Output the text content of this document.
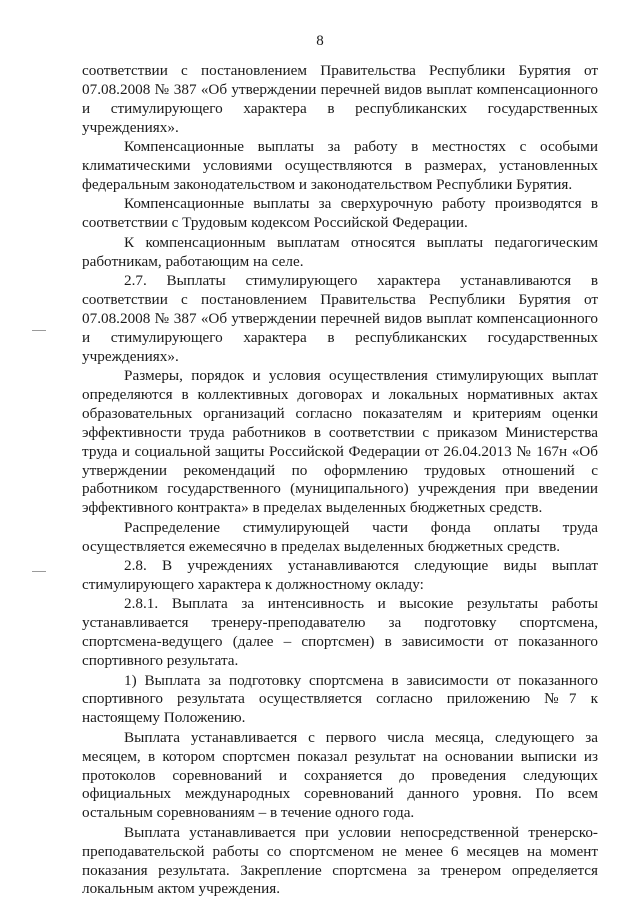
8

соответствии с постановлением Правительства Республики Бурятия от 07.08.2008 № 387 «Об утверждении перечней видов выплат компенсационного и стимулирующего характера в республиканских государственных учреждениях».

Компенсационные выплаты за работу в местностях с особыми климатическими условиями осуществляются в размерах, установленных федеральным законодательством и законодательством Республики Бурятия.

Компенсационные выплаты за сверхурочную работу производятся в соответствии с Трудовым кодексом Российской Федерации.

К компенсационным выплатам относятся выплаты педагогическим работникам, работающим на селе.

2.7. Выплаты стимулирующего характера устанавливаются в соответствии с постановлением Правительства Республики Бурятия от 07.08.2008 № 387 «Об утверждении перечней видов выплат компенсационного и стимулирующего характера в республиканских государственных учреждениях».

Размеры, порядок и условия осуществления стимулирующих выплат определяются в коллективных договорах и локальных нормативных актах образовательных организаций согласно показателям и критериям оценки эффективности труда работников в соответствии с приказом Министерства труда и социальной защиты Российской Федерации от 26.04.2013 № 167н «Об утверждении рекомендаций по оформлению трудовых отношений с работником государственного (муниципального) учреждения при введении эффективного контракта» в пределах выделенных бюджетных средств.

Распределение стимулирующей части фонда оплаты труда осуществляется ежемесячно в пределах выделенных бюджетных средств.

2.8. В учреждениях устанавливаются следующие виды выплат стимулирующего характера к должностному окладу:

2.8.1. Выплата за интенсивность и высокие результаты работы устанавливается тренеру-преподавателю за подготовку спортсмена, спортсмена-ведущего (далее – спортсмен) в зависимости от показанного спортивного результата.

1) Выплата за подготовку спортсмена в зависимости от показанного спортивного результата осуществляется согласно приложению №7 к настоящему Положению.

Выплата устанавливается с первого числа месяца, следующего за месяцем, в котором спортсмен показал результат на основании выписки из протоколов соревнований и сохраняется до проведения следующих официальных международных соревнований данного уровня. По всем остальным соревнованиям – в течение одного года.

Выплата устанавливается при условии непосредственной тренерско-преподавательской работы со спортсменом не менее 6 месяцев на момент показания результата. Закрепление спортсмена за тренером определяется локальным актом учреждения.
